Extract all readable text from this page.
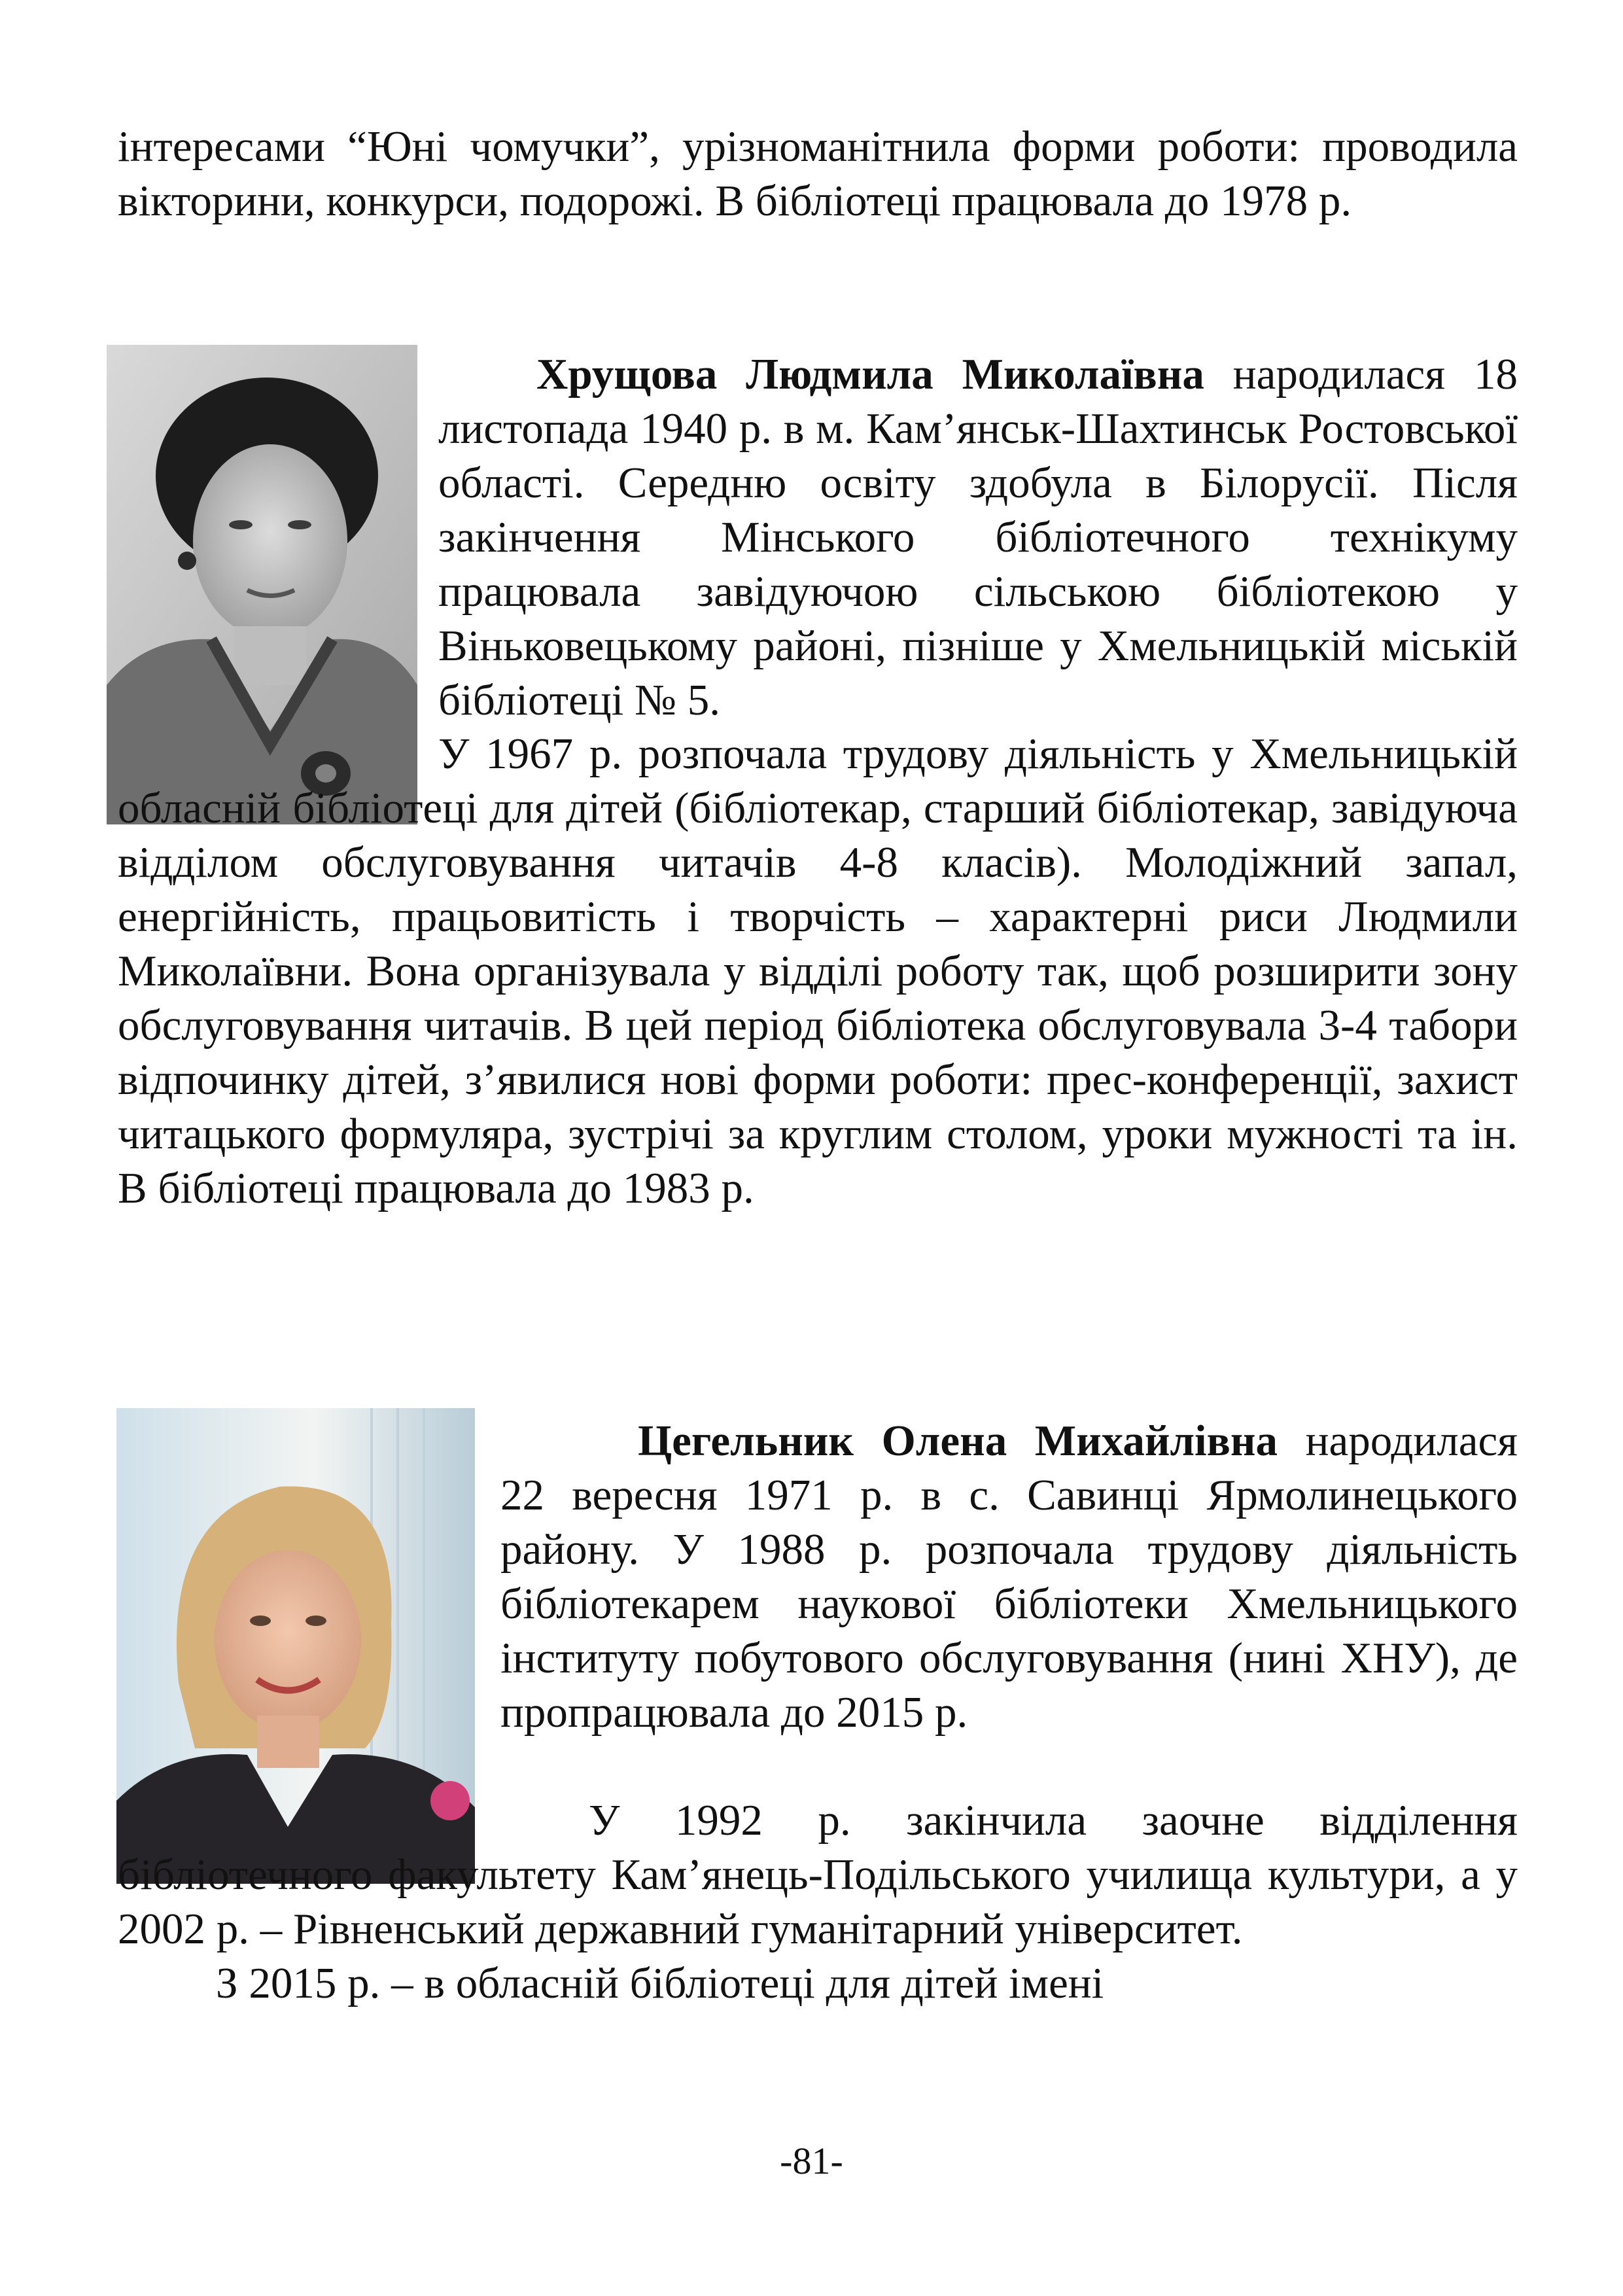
інтересами “Юні чомучки”, урізноманітнила форми роботи: проводила вікторини, конкурси, подорожі. В бібліотеці працювала до 1978 р.

Хрущова Людмила Миколаївна народилася 18 листопада 1940 р. в м. Кам’янськ-Шахтинськ Ростовської області. Середню освіту здобула в Білорусії. Після закінчення Мінського бібліотечного технікуму працювала завідуючою сільською бібліотекою у Віньковецькому районі, пізніше у Хмельницькій міській бібліотеці № 5.

У 1967 р. розпочала трудову діяльність у Хмельницькій обласній бібліотеці для дітей (бібліотекар, старший бібліотекар, завідуюча відділом обслуговування читачів 4-8 класів). Молодіжний запал, енергійність, працьовитість і творчість – характерні риси Людмили Миколаївни. Вона організувала у відділі роботу так, щоб розширити зону обслуговування читачів. В цей період бібліотека обслуговувала 3-4 табори відпочинку дітей, з’явилися нові форми роботи: прес-конференції, захист читацького формуляра, зустрічі за круглим столом, уроки мужності та ін. В бібліотеці працювала до 1983 р.

Цегельник Олена Михайлівна народилася 22 вересня 1971 р. в с. Савинці Ярмолинецького району. У 1988 р. розпочала трудову діяльність бібліотекарем наукової бібліотеки Хмельницького інституту побутового обслуговування (нині ХНУ), де пропрацювала до 2015 р.

У 1992 р. закінчила заочне відділення бібліотечного факультету Кам’янець-Подільського училища культури, а у 2002 р. – Рівненський державний гуманітарний університет.

З 2015 р. – в обласній бібліотеці для дітей імені

-81-
